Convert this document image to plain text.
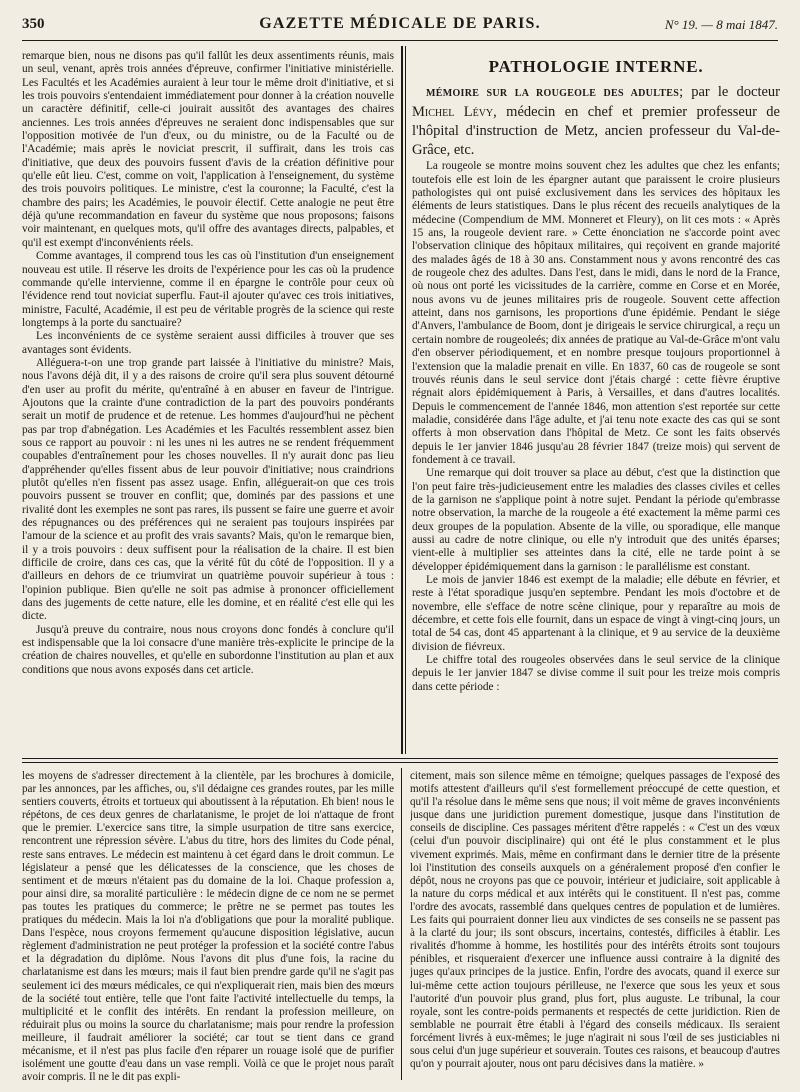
350	GAZETTE MÉDICALE DE PARIS.	N° 19. — 8 mai 1847.

remarque bien, nous ne disons pas qu'il fallût les deux assentiments réunis, mais un seul, venant, après trois années d'épreuve, confirmer l'initiative ministérielle. Les Facultés et les Académies auraient à leur tour le même droit d'initiative, et si les trois pouvoirs s'entendaient immédiatement pour donner à la création nouvelle un caractère définitif, celle-ci jouirait aussitôt des avantages des chaires anciennes. Les trois années d'épreuves ne seraient donc indispensables que sur l'opposition motivée de l'un d'eux, ou du ministre, ou de la Faculté ou de l'Académie; mais après le noviciat prescrit, il suffirait, dans les trois cas d'initiative, que deux des pouvoirs fussent d'avis de la création définitive pour qu'elle eût lieu. C'est, comme on voit, l'application à l'enseignement, du système des trois pouvoirs politiques. Le ministre, c'est la couronne; la Faculté, c'est la chambre des pairs; les Académies, le pouvoir électif. Cette analogie ne peut être déjà qu'une recommandation en faveur du système que nous proposons; faisons voir maintenant, en quelques mots, qu'il offre des avantages directs, palpables, et qu'il est exempt d'inconvénients réels.

Comme avantages, il comprend tous les cas où l'institution d'un enseignement nouveau est utile. Il réserve les droits de l'expérience pour les cas où la prudence commande qu'elle intervienne, comme il en épargne le contrôle pour ceux où l'évidence rend tout noviciat superflu. Faut-il ajouter qu'avec ces trois initiatives, ministre, Faculté, Académie, il est peu de véritable progrès de la science qui reste longtemps à la porte du sanctuaire?

Les inconvénients de ce système seraient aussi difficiles à trouver que ses avantages sont évidents.

Alléguera-t-on une trop grande part laissée à l'initiative du ministre? Mais, nous l'avons déjà dit, il y a des raisons de croire qu'il sera plus souvent détourné d'en user au profit du mérite, qu'entraîné à en abuser en faveur de l'intrigue. Ajoutons que la crainte d'une contradiction de la part des pouvoirs pondérants serait un motif de prudence et de retenue. Les hommes d'aujourd'hui ne pèchent pas par trop d'abnégation. Les Académies et les Facultés ressemblent assez bien sous ce rapport au pouvoir : ni les unes ni les autres ne se rendent fréquemment coupables d'entraînement pour les choses nouvelles. Il n'y aurait donc pas lieu d'appréhender qu'elles fissent abus de leur pouvoir d'initiative; nous craindrions plutôt qu'elles n'en fissent pas assez usage. Enfin, alléguerait-on que ces trois pouvoirs pussent se trouver en conflit; que, dominés par des passions et une rivalité dont les exemples ne sont pas rares, ils pussent se faire une guerre et avoir des répugnances ou des préférences qui ne seraient pas toujours inspirées par l'amour de la science et au profit des vrais savants? Mais, qu'on le remarque bien, il y a trois pouvoirs : deux suffisent pour la réalisation de la chaire. Il est bien difficile de croire, dans ces cas, que la vérité fût du côté de l'opposition. Il y a d'ailleurs en dehors de ce triumvirat un quatrième pouvoir supérieur à tous : l'opinion publique. Bien qu'elle ne soit pas admise à prononcer officiellement dans des jugements de cette nature, elle les domine, et en réalité c'est elle qui les dicte.

Jusqu'à preuve du contraire, nous nous croyons donc fondés à conclure qu'il est indispensable que la loi consacre d'une manière très-explicite le principe de la création de chaires nouvelles, et qu'elle en subordonne l'institution au plan et aux conditions que nous avons exposés dans cet article.

PATHOLOGIE INTERNE.

MÉMOIRE SUR LA ROUGEOLE DES ADULTES; par le docteur Michel Lévy, médecin en chef et premier professeur de l'hôpital d'instruction de Metz, ancien professeur du Val-de-Grâce, etc.

La rougeole se montre moins souvent chez les adultes que chez les enfants; toutefois elle est loin de les épargner autant que paraissent le croire plusieurs pathologistes qui ont puisé exclusivement dans les services des hôpitaux les éléments de leurs statistiques. Dans le plus récent des recueils analytiques de la médecine (Compendium de MM. Monneret et Fleury), on lit ces mots : « Après 15 ans, la rougeole devient rare. » Cette énonciation ne s'accorde point avec l'observation clinique des hôpitaux militaires, qui reçoivent en grande majorité des malades âgés de 18 à 30 ans. Constamment nous y avons rencontré des cas de rougeole chez des adultes. Dans l'est, dans le midi, dans le nord de la France, où nous ont porté les vicissitudes de la carrière, comme en Corse et en Morée, nous avons vu de jeunes militaires pris de rougeole. Souvent cette affection atteint, dans nos garnisons, les proportions d'une épidémie. Pendant le siége d'Anvers, l'ambulance de Boom, dont je dirigeais le service chirurgical, a reçu un certain nombre de rougeoleés; dix années de pratique au Val-de-Grâce m'ont valu d'en observer périodiquement, et en nombre presque toujours proportionnel à l'extension que la maladie prenait en ville. En 1837, 60 cas de rougeole se sont trouvés réunis dans le seul service dont j'étais chargé : cette fièvre éruptive régnait alors épidémiquement à Paris, à Versailles, et dans d'autres localités. Depuis le commencement de l'année 1846, mon attention s'est reportée sur cette maladie, considérée dans l'âge adulte, et j'ai tenu note exacte des cas qui se sont offerts à mon observation dans l'hôpital de Metz. Ce sont les faits observés depuis le 1er janvier 1846 jusqu'au 28 février 1847 (treize mois) qui servent de fondement à ce travail.

Une remarque qui doit trouver sa place au début, c'est que la distinction que l'on peut faire très-judicieusement entre les maladies des classes civiles et celles de la garnison ne s'applique point à notre sujet. Pendant la période qu'embrasse notre observation, la marche de la rougeole a été exactement la même parmi ces deux groupes de la population. Absente de la ville, ou sporadique, elle manque aussi au cadre de notre clinique, ou elle n'y introduit que des unités éparses; vient-elle à multiplier ses atteintes dans la cité, elle ne tarde point à se développer épidémiquement dans la garnison : le parallélisme est constant.

Le mois de janvier 1846 est exempt de la maladie; elle débute en février, et reste à l'état sporadique jusqu'en septembre. Pendant les mois d'octobre et de novembre, elle s'efface de notre scène clinique, pour y reparaître au mois de décembre, et cette fois elle fournit, dans un espace de vingt à vingt-cinq jours, un total de 54 cas, dont 45 appartenant à la clinique, et 9 au service de la deuxième division de fiévreux.

Le chiffre total des rougeoles observées dans le seul service de la clinique depuis le 1er janvier 1847 se divise comme il suit pour les treize mois compris dans cette période :

les moyens de s'adresser directement à la clientèle, par les brochures à domicile, par les annonces, par les affiches, ou, s'il dédaigne ces grandes routes, par les mille sentiers couverts, étroits et tortueux qui aboutissent à la réputation. Eh bien! nous le répétons, de ces deux genres de charlatanisme, le projet de loi n'attaque de front que le premier. L'exercice sans titre, la simple usurpation de titre sans exercice, rencontrent une répression sévère. L'abus du titre, hors des limites du Code pénal, reste sans entraves. Le médecin est maintenu à cet égard dans le droit commun. Le législateur a pensé que les délicatesses de la conscience, que les choses de sentiment et de mœurs n'étaient pas du domaine de la loi. Chaque profession a, pour ainsi dire, sa moralité particulière : le médecin digne de ce nom ne se permet pas toutes les pratiques du commerce; le prêtre ne se permet pas toutes les pratiques du médecin. Mais la loi n'a d'obligations que pour la moralité publique. Dans l'espèce, nous croyons fermement qu'aucune disposition législative, aucun règlement d'administration ne peut protéger la profession et la société contre l'abus et la dégradation du diplôme. Nous l'avons dit plus d'une fois, la racine du charlatanisme est dans les mœurs; mais il faut bien prendre garde qu'il ne s'agit pas seulement ici des mœurs médicales, ce qui n'expliquerait rien, mais bien des mœurs de la société tout entière, telle que l'ont faite l'activité intellectuelle du temps, la multiplicité et le conflit des intérêts. En rendant la profession meilleure, on réduirait plus ou moins la source du charlatanisme; mais pour rendre la profession meilleure, il faudrait améliorer la société; car tout se tient dans ce grand mécanisme, et il n'est pas plus facile d'en réparer un rouage isolé que de purifier isolément une goutte d'eau dans un vase rempli. Voilà ce que le projet nous paraît avoir compris. Il ne le dit pas expli-

citement, mais son silence même en témoigne; quelques passages de l'exposé des motifs attestent d'ailleurs qu'il s'est formellement préoccupé de cette question, et qu'il l'a résolue dans le même sens que nous; il voit même de graves inconvénients jusque dans une juridiction purement domestique, jusque dans l'institution de conseils de discipline. Ces passages méritent d'être rappelés : « C'est un des vœux (celui d'un pouvoir disciplinaire) qui ont été le plus constamment et le plus vivement exprimés. Mais, même en confirmant dans le dernier titre de la présente loi l'institution des conseils auxquels on a généralement proposé d'en confier le dépôt, nous ne croyons pas que ce pouvoir, intérieur et judiciaire, soit applicable à la nature du corps médical et aux intérêts qui le constituent. Il n'est pas, comme l'ordre des avocats, rassemblé dans quelques centres de population et de lumières. Les faits qui pourraient donner lieu aux vindictes de ses conseils ne se passent pas à la clarté du jour; ils sont obscurs, incertains, contestés, difficiles à établir. Les rivalités d'homme à homme, les hostilités pour des intérêts étroits sont toujours pénibles, et risqueraient d'exercer une influence aussi contraire à la dignité des juges qu'aux principes de la justice. Enfin, l'ordre des avocats, quand il exerce sur lui-même cette action toujours périlleuse, ne l'exerce que sous les yeux et sous l'autorité d'un pouvoir plus grand, plus fort, plus auguste. Le tribunal, la cour royale, sont les contre-poids permanents et respectés de cette juridiction. Rien de semblable ne pourrait être établi à l'égard des conseils médicaux. Ils seraient forcément livrés à eux-mêmes; le juge n'agirait ni sous l'œil de ses justiciables ni sous celui d'un juge supérieur et souverain. Toutes ces raisons, et beaucoup d'autres qu'on y pourrait ajouter, nous ont paru décisives dans la matière. »
